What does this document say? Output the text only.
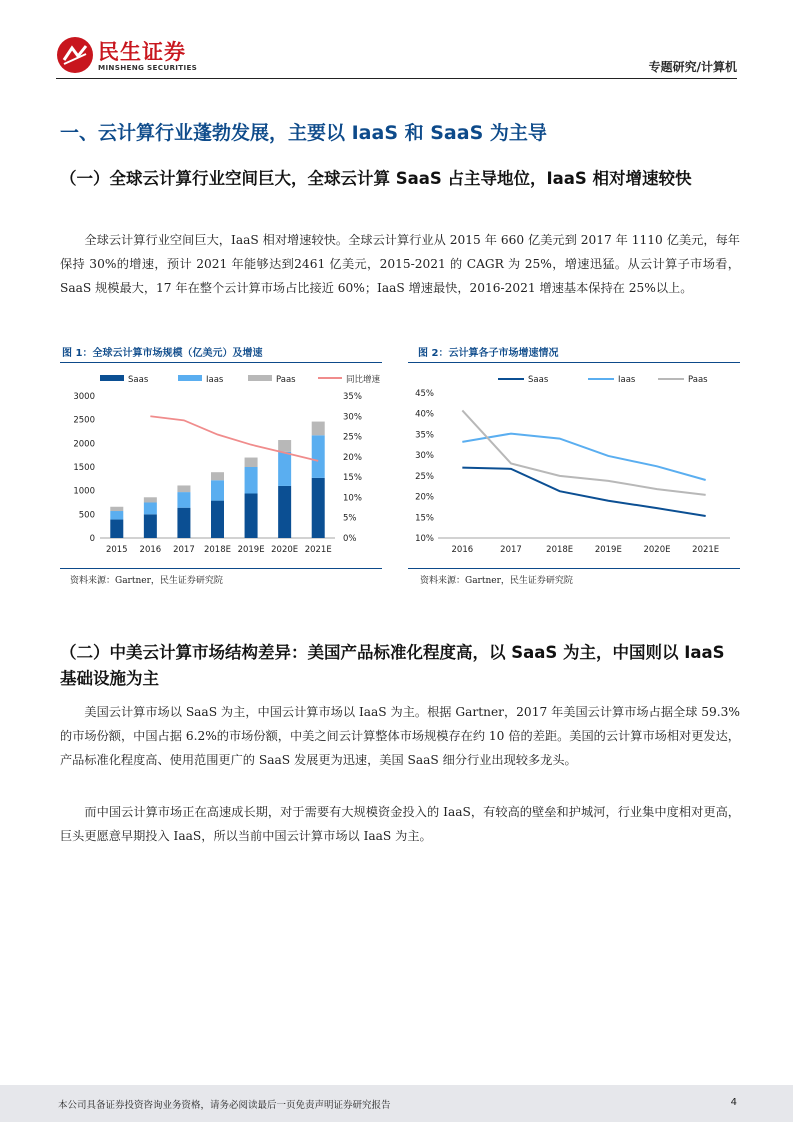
民生证券
MINSHENG SECURITIES	专题研究/计算机
一、云计算行业蓬勃发展，主要以 IaaS 和 SaaS 为主导
（一）全球云计算行业空间巨大，全球云计算 SaaS 占主导地位，IaaS 相对增速较快
全球云计算行业空间巨大，IaaS 相对增速较快。全球云计算行业从 2015 年 660 亿美元到 2017 年 1110 亿美元，每年保持 30%的增速，预计 2021 年能够达到2461 亿美元，2015-2021 的 CAGR 为 25%，增速迅猛。从云计算子市场看，SaaS 规模最大，17 年在整个云计算市场占比接近 60%；IaaS 增速最快，2016-2021 增速基本保持在 25%以上。
图 1：全球云计算市场规模（亿美元）及增速
Saas	Iaas	Paas	同比增速
0
500
1000
1500
2000
2500
3000
0%
5%
10%
15%
20%
25%
30%
35%
2015 2016 2017 2018E 2019E 2020E 2021E
资料来源：Gartner，民生证券研究院
图 2：云计算各子市场增速情况
Saas	Iaas	Paas
10%
15%
20%
25%
30%
35%
40%
45%
2016	2017	2018E	2019E	2020E	2021E
资料来源：Gartner，民生证券研究院
（二）中美云计算市场结构差异：美国产品标准化程度高，以 SaaS 为主，中国则以 IaaS 基础设施为主
美国云计算市场以 SaaS 为主，中国云计算市场以 IaaS 为主。根据 Gartner，2017 年美国云计算市场占据全球 59.3%的市场份额，中国占据 6.2%的市场份额，中美之间云计算整体市场规模存在约 10 倍的差距。美国的云计算市场相对更发达，产品标准化程度高、使用范围更广的 SaaS 发展更为迅速，美国 SaaS 细分行业出现较多龙头。
而中国云计算市场正在高速成长期，对于需要有大规模资金投入的 IaaS，有较高的壁垒和护城河，行业集中度相对更高，巨头更愿意早期投入 IaaS，所以当前中国云计算市场以 IaaS 为主。
本公司具备证券投资咨询业务资格，请务必阅读最后一页免责声明证券研究报告	4
